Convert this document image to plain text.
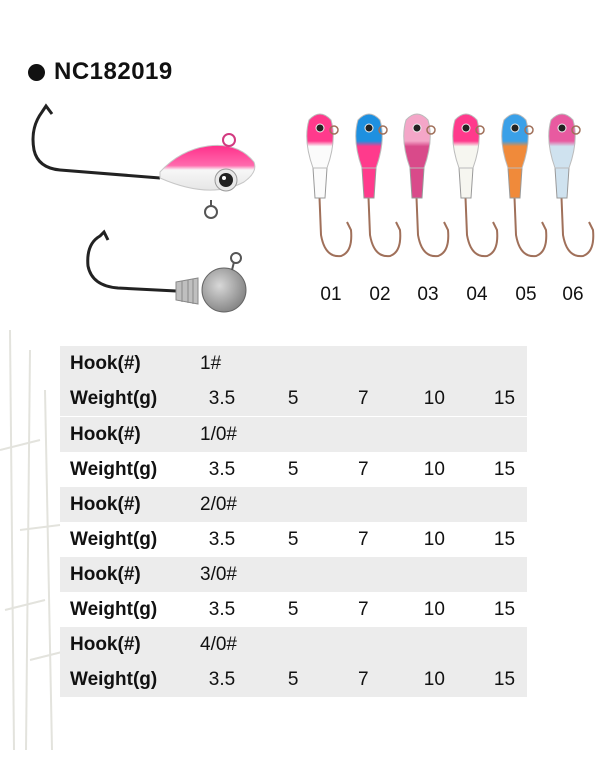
NC182019
01	02	03	04	05	06
Hook(#)	1#
Weight(g)	3.5	5	7	10	15
Hook(#)	1/0#
Weight(g)	3.5	5	7	10	15
Hook(#)	2/0#
Weight(g)	3.5	5	7	10	15
Hook(#)	3/0#
Weight(g)	3.5	5	7	10	15
Hook(#)	4/0#
Weight(g)	3.5	5	7	10	15
